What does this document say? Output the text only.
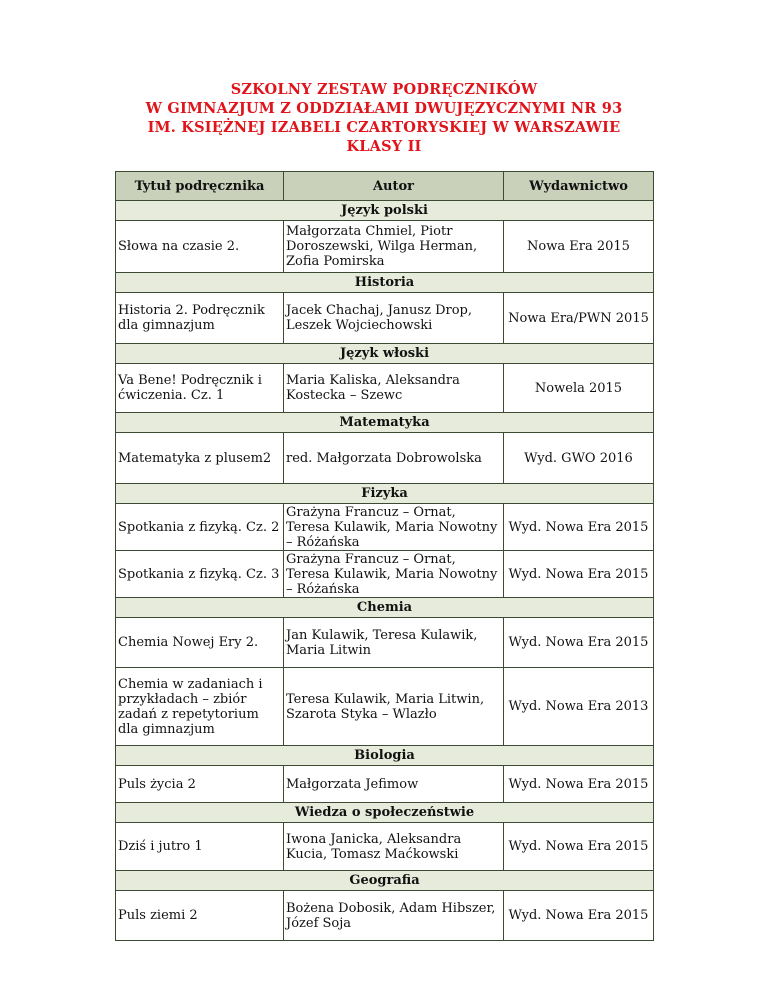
SZKOLNY ZESTAW PODRĘCZNIKÓW
W GIMNAZJUM Z ODDZIAŁAMI DWUJĘZYCZNYMI NR 93
IM. KSIĘŻNEJ IZABELI CZARTORYSKIEJ W WARSZAWIE
KLASY II
Tytuł podręcznika	Autor	Wydawnictwo
Język polski		
Słowa na czasie 2.	Małgorzata Chmiel, Piotr Doroszewski, Wilga Herman, Zofia Pomirska	Nowa Era 2015
Historia		
Historia 2. Podręcznik dla gimnazjum	Jacek Chachaj, Janusz Drop, Leszek Wojciechowski	Nowa Era/PWN 2015
Język włoski		
Va Bene! Podręcznik i ćwiczenia. Cz. 1	Maria Kaliska, Aleksandra Kostecka – Szewc	Nowela 2015
Matematyka		
Matematyka z plusem2	red. Małgorzata Dobrowolska	Wyd. GWO 2016
Fizyka		
Spotkania z fizyką. Cz. 2	Grażyna Francuz – Ornat, Teresa Kulawik, Maria Nowotny – Różańska	Wyd. Nowa Era 2015
Spotkania z fizyką. Cz. 3	Grażyna Francuz – Ornat, Teresa Kulawik, Maria Nowotny – Różańska	Wyd. Nowa Era 2015
Chemia		
Chemia Nowej Ery 2.	Jan Kulawik, Teresa Kulawik, Maria Litwin	Wyd. Nowa Era 2015
Chemia w zadaniach i przykładach – zbiór zadań z repetytorium dla gimnazjum	Teresa Kulawik, Maria Litwin, Szarota Styka – Wlazło	Wyd. Nowa Era 2013
Biologia		
Puls życia 2	Małgorzata Jefimow	Wyd. Nowa Era 2015
Wiedza o społeczeństwie		
Dziś i jutro 1	Iwona Janicka, Aleksandra Kucia, Tomasz Maćkowski	Wyd. Nowa Era 2015
Geografia		
Puls ziemi 2	Bożena Dobosik, Adam Hibszer, Józef Soja	Wyd. Nowa Era 2015
